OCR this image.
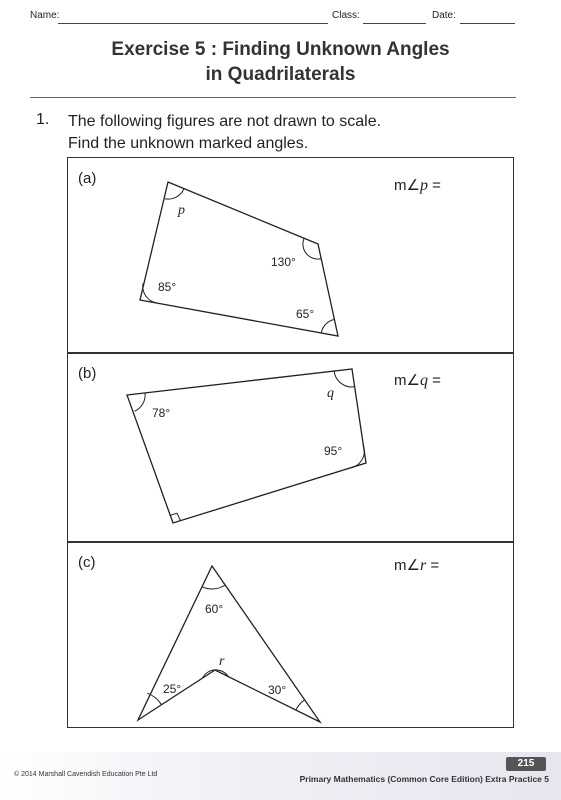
Name:	Class:	Date:
Exercise 5 : Finding Unknown Angles
in Quadrilaterals
1. The following figures are not drawn to scale.
Find the unknown marked angles.
(a)	m∠p =
p
130°
85°
65°
(b)	m∠q =
78°
q
95°
(c)	m∠r =
60°
r
25°	30°
215
© 2014 Marshall Cavendish Education Pte Ltd	Primary Mathematics (Common Core Edition) Extra Practice 5
